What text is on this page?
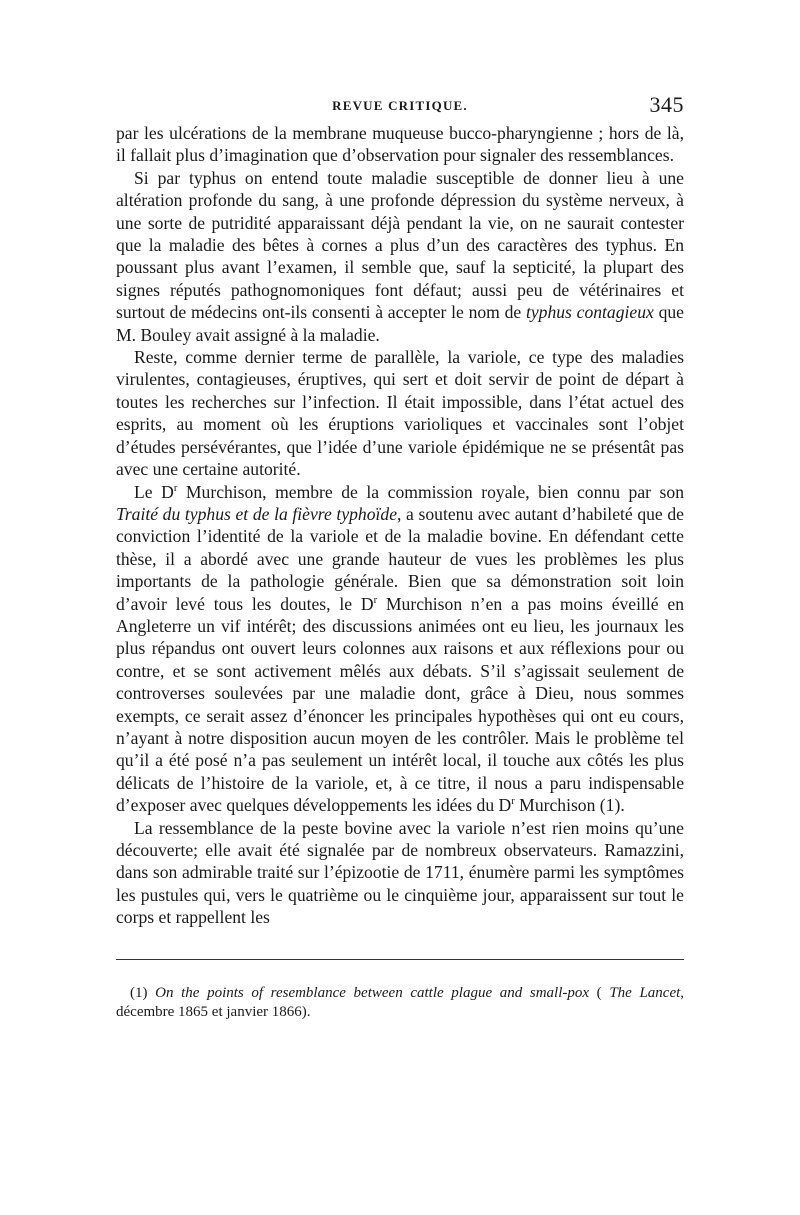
REVUE CRITIQUE.	345

par les ulcérations de la membrane muqueuse bucco-pharyngienne ; hors de là, il fallait plus d’imagination que d’observation pour signaler des ressemblances.

Si par typhus on entend toute maladie susceptible de donner lieu à une altération profonde du sang, à une profonde dépression du système nerveux, à une sorte de putridité apparaissant déjà pendant la vie, on ne saurait contester que la maladie des bêtes à cornes a plus d’un des caractères des typhus. En poussant plus avant l’examen, il semble que, sauf la septicité, la plupart des signes réputés pathognomoniques font défaut; aussi peu de vétérinaires et surtout de médecins ont-ils consenti à accepter le nom de typhus contagieux que M. Bouley avait assigné à la maladie.

Reste, comme dernier terme de parallèle, la variole, ce type des maladies virulentes, contagieuses, éruptives, qui sert et doit servir de point de départ à toutes les recherches sur l’infection. Il était impossible, dans l’état actuel des esprits, au moment où les éruptions varioliques et vaccinales sont l’objet d’études persévérantes, que l’idée d’une variole épidémique ne se présentât pas avec une certaine autorité.

Le $D^r$ Murchison, membre de la commission royale, bien connu par son Traité du typhus et de la fièvre typhoïde, a soutenu avec autant d’habileté que de conviction l’identité de la variole et de la maladie bovine. En défendant cette thèse, il a abordé avec une grande hauteur de vues les problèmes les plus importants de la pathologie générale. Bien que sa démonstration soit loin d’avoir levé tous les doutes, le $D^r$ Murchison n’en a pas moins éveillé en Angleterre un vif intérêt; des discussions animées ont eu lieu, les journaux les plus répandus ont ouvert leurs colonnes aux raisons et aux réflexions pour ou contre, et se sont activement mêlés aux débats. S’il s’agissait seulement de controverses soulevées par une maladie dont, grâce à Dieu, nous sommes exempts, ce serait assez d’énoncer les principales hypothèses qui ont eu cours, n’ayant à notre disposition aucun moyen de les contrôler. Mais le problème tel qu’il a été posé n’a pas seulement un intérêt local, il touche aux côtés les plus délicats de l’histoire de la variole, et, à ce titre, il nous a paru indispensable d’exposer avec quelques développements les idées du $D^r$ Murchison (1).

La ressemblance de la peste bovine avec la variole n’est rien moins qu’une découverte; elle avait été signalée par de nombreux observateurs. Ramazzini, dans son admirable traité sur l’épizootie de 1711, énumère parmi les symptômes les pustules qui, vers le quatrième ou le cinquième jour, apparaissent sur tout le corps et rappellent les

(1) On the points of resemblance between cattle plague and small-pox ( The Lancet, décembre 1865 et janvier 1866).
